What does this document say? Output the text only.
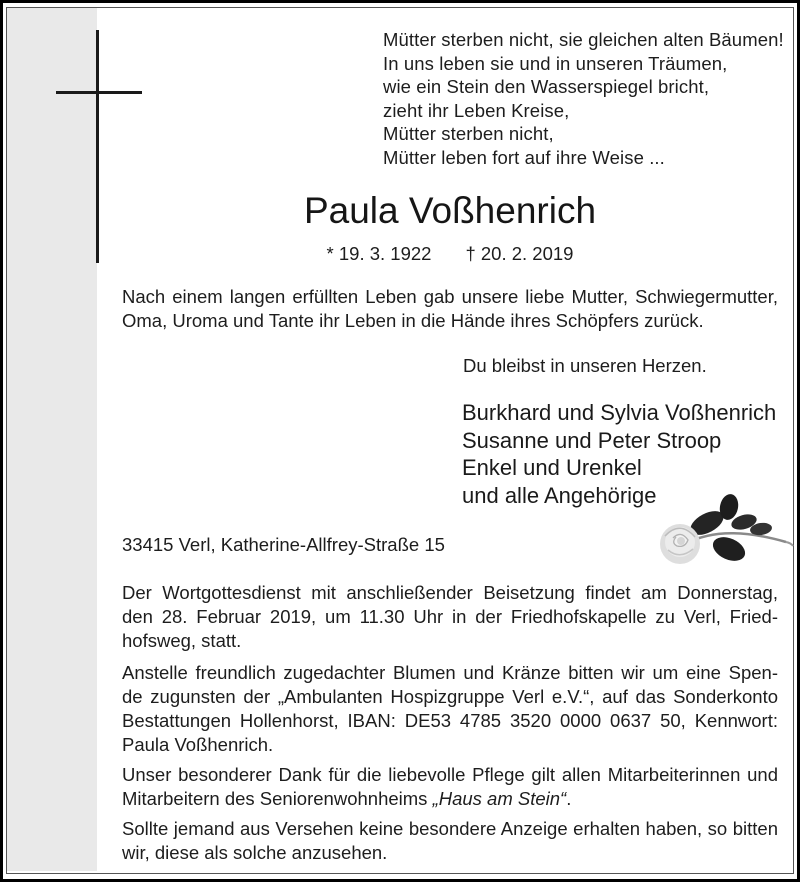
Mütter sterben nicht, sie gleichen alten Bäumen!
In uns leben sie und in unseren Träumen,
wie ein Stein den Wasserspiegel bricht,
zieht ihr Leben Kreise,
Mütter sterben nicht,
Mütter leben fort auf ihre Weise ...
Paula Voßhenrich
* 19. 3. 1922 † 20. 2. 2019
Nach einem langen erfüllten Leben gab unsere liebe Mutter, Schwiegermutter,
Oma, Uroma und Tante ihr Leben in die Hände ihres Schöpfers zurück.
Du bleibst in unseren Herzen.
Burkhard und Sylvia Voßhenrich
Susanne und Peter Stroop
Enkel und Urenkel
und alle Angehörige
33415 Verl, Katherine-Allfrey-Straße 15
Der Wortgottesdienst mit anschließender Beisetzung findet am Donnerstag,
den 28. Februar 2019, um 11.30 Uhr in der Friedhofskapelle zu Verl, Fried-
hofsweg, statt.
Anstelle freundlich zugedachter Blumen und Kränze bitten wir um eine Spen-
de zugunsten der „Ambulanten Hospizgruppe Verl e.V.“, auf das Sonderkonto
Bestattungen Hollenhorst, IBAN: DE53 4785 3520 0000 0637 50, Kennwort:
Paula Voßhenrich.
Unser besonderer Dank für die liebevolle Pflege gilt allen Mitarbeiterinnen und
Mitarbeitern des Seniorenwohnheims „Haus am Stein“.
Sollte jemand aus Versehen keine besondere Anzeige erhalten haben, so bitten
wir, diese als solche anzusehen.
